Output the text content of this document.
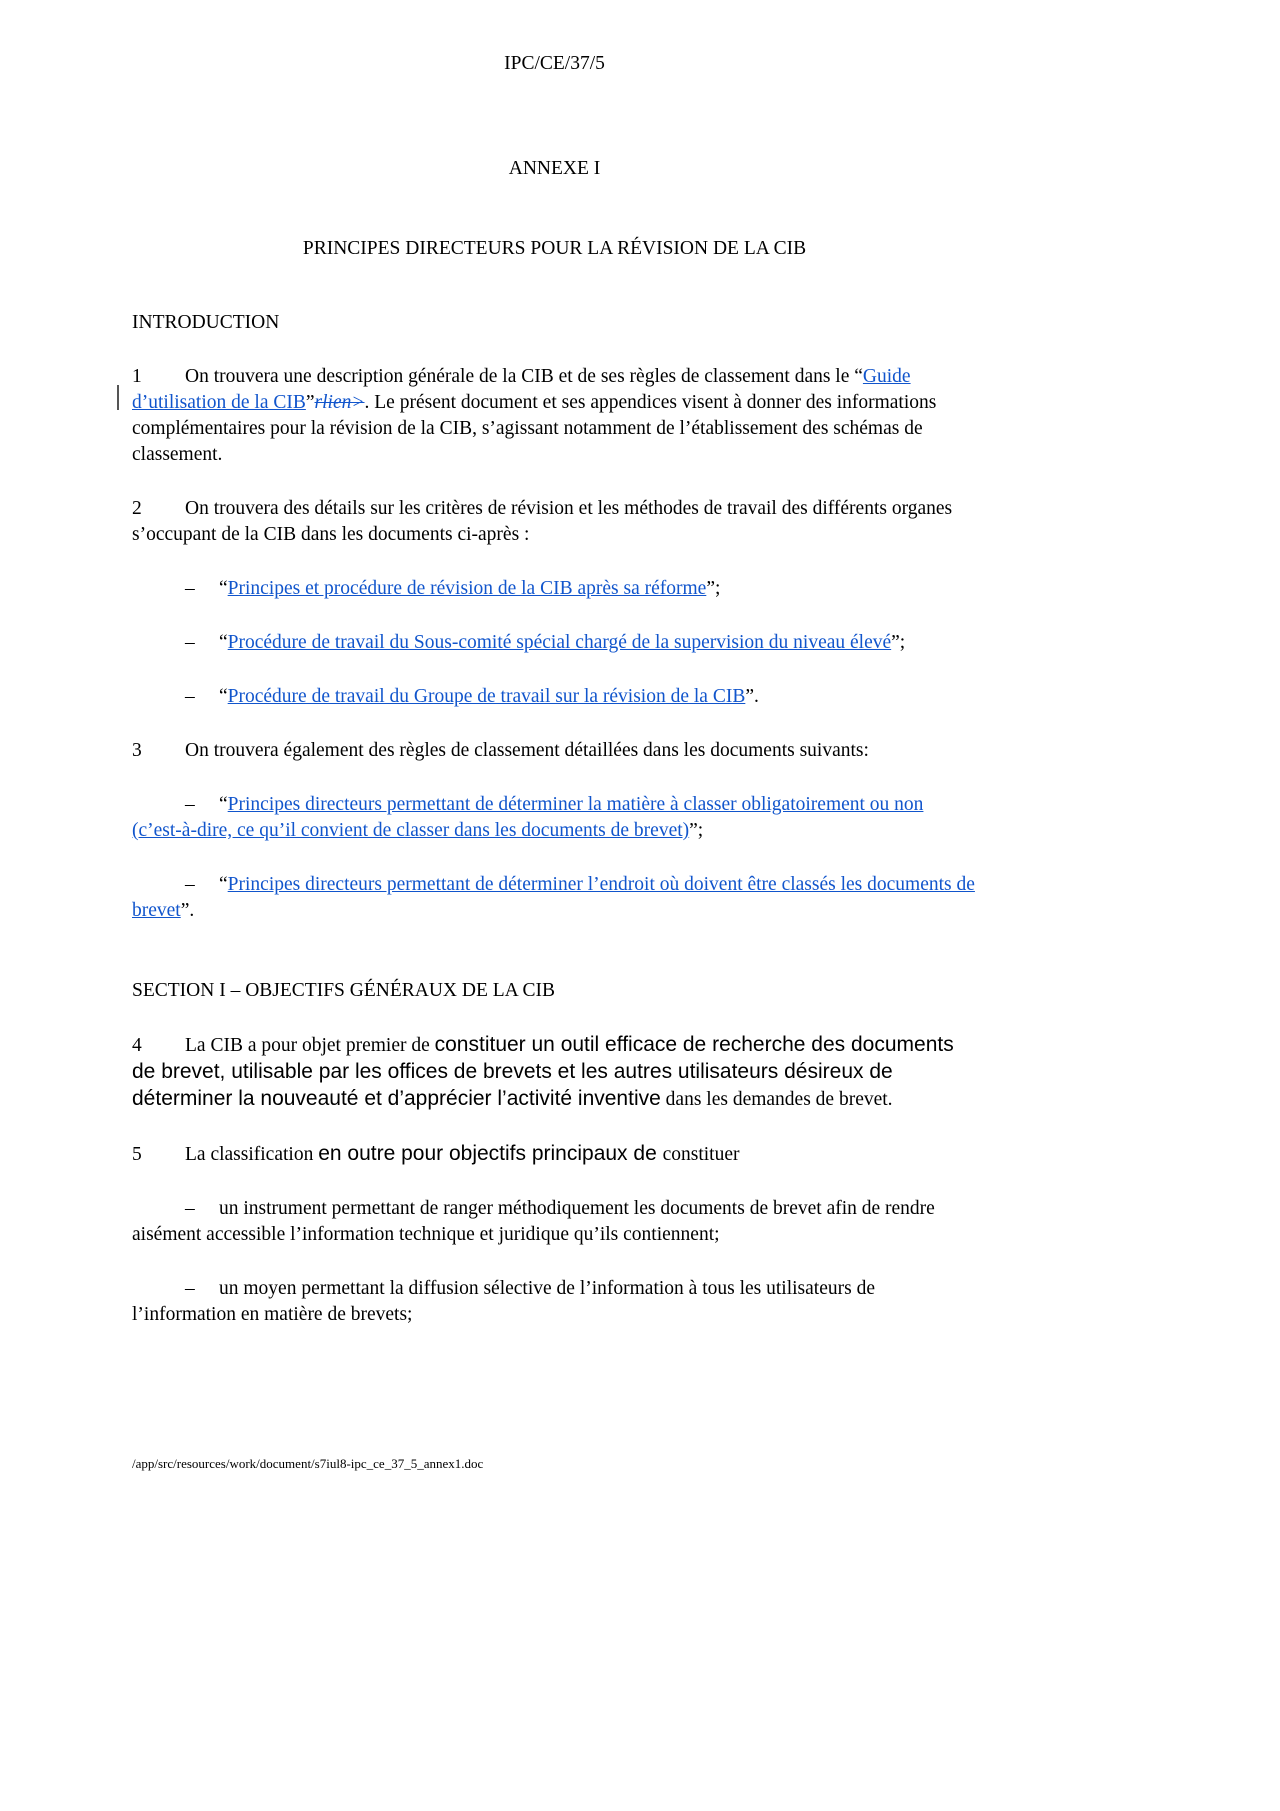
IPC/CE/37/5
ANNEXE I
PRINCIPES DIRECTEURS POUR LA RÉVISION DE LA CIB
INTRODUCTION

1 On trouvera une description générale de la CIB et de ses règles de classement dans le “Guide d’utilisation de la CIB”rlien>. Le présent document et ses appendices visent à donner des informations complémentaires pour la révision de la CIB, s’agissant notamment de l’établissement des schémas de classement.

2 On trouvera des détails sur les critères de révision et les méthodes de travail des différents organes s’occupant de la CIB dans les documents ci-après :

– “Principes et procédure de révision de la CIB après sa réforme”;

– “Procédure de travail du Sous-comité spécial chargé de la supervision du niveau élevé”;

– “Procédure de travail du Groupe de travail sur la révision de la CIB”.

3 On trouvera également des règles de classement détaillées dans les documents suivants:

– “Principes directeurs permettant de déterminer la matière à classer obligatoirement ou non (c’est-à-dire, ce qu’il convient de classer dans les documents de brevet)”;

– “Principes directeurs permettant de déterminer l’endroit où doivent être classés les documents de brevet”.

SECTION I – OBJECTIFS GÉNÉRAUX DE LA CIB

4 La CIB a pour objet premier de constituer un outil efficace de recherche des documents de brevet, utilisable par les offices de brevets et les autres utilisateurs désireux de déterminer la nouveauté et d’apprécier l’activité inventive dans les demandes de brevet.

5 La classification en outre pour objectifs principaux de constituer

– un instrument permettant de ranger méthodiquement les documents de brevet afin de rendre aisément accessible l’information technique et juridique qu’ils contiennent;

– un moyen permettant la diffusion sélective de l’information à tous les utilisateurs de l’information en matière de brevets;

/app/src/resources/work/document/s7iul8-ipc_ce_37_5_annex1.doc
